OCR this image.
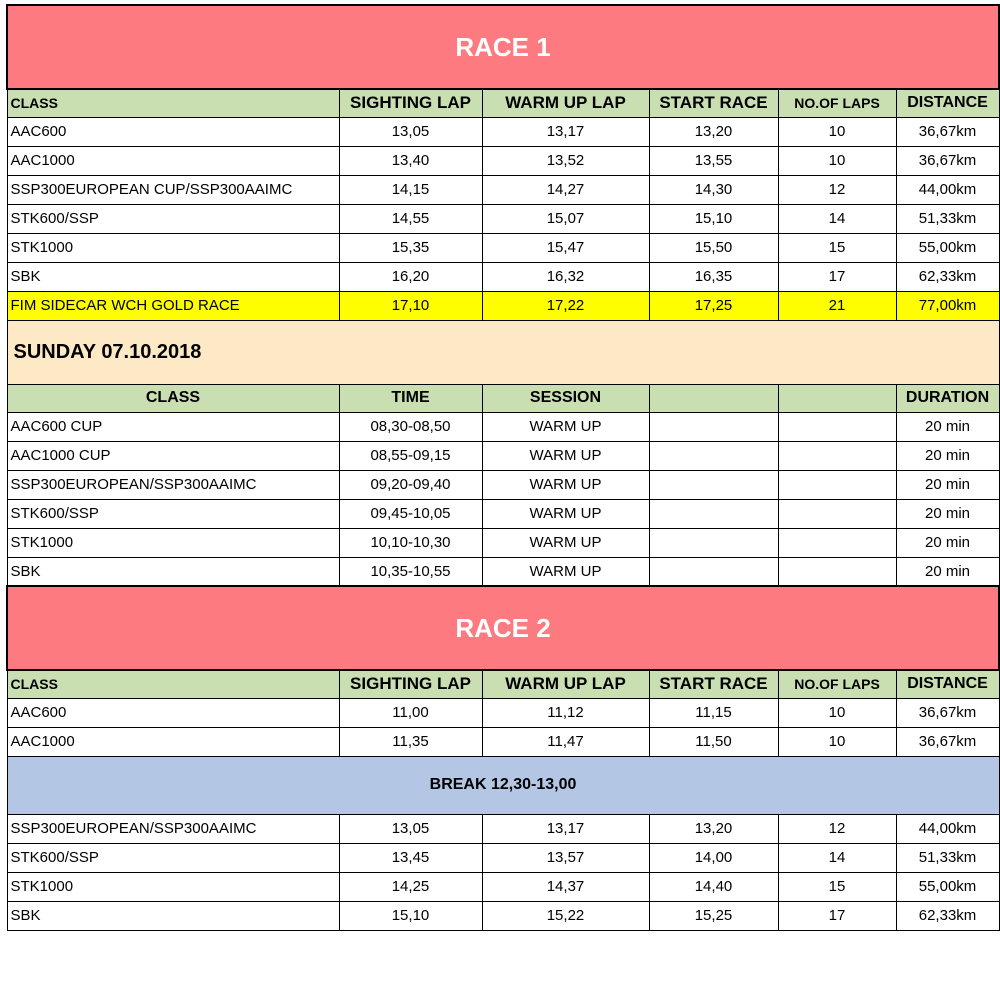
RACE 1					
CLASS	SIGHTING LAP	WARM UP LAP	START RACE	NO.OF LAPS	DISTANCE
AAC600	13,05	13,17	13,20	10	36,67km
AAC1000	13,40	13,52	13,55	10	36,67km
SSP300EUROPEAN CUP/SSP300AAIMC	14,15	14,27	14,30	12	44,00km
STK600/SSP	14,55	15,07	15,10	14	51,33km
STK1000	15,35	15,47	15,50	15	55,00km
SBK	16,20	16,32	16,35	17	62,33km
FIM SIDECAR WCH GOLD RACE	17,10	17,22	17,25	21	77,00km
SUNDAY 07.10.2018					
CLASS	TIME	SESSION			DURATION
AAC600 CUP	08,30-08,50	WARM UP			20 min
AAC1000 CUP	08,55-09,15	WARM UP			20 min
SSP300EUROPEAN/SSP300AAIMC	09,20-09,40	WARM UP			20 min
STK600/SSP	09,45-10,05	WARM UP			20 min
STK1000	10,10-10,30	WARM UP			20 min
SBK	10,35-10,55	WARM UP			20 min
RACE 2					
CLASS	SIGHTING LAP	WARM UP LAP	START RACE	NO.OF LAPS	DISTANCE
AAC600	11,00	11,12	11,15	10	36,67km
AAC1000	11,35	11,47	11,50	10	36,67km
BREAK 12,30-13,00					
SSP300EUROPEAN/SSP300AAIMC	13,05	13,17	13,20	12	44,00km
STK600/SSP	13,45	13,57	14,00	14	51,33km
STK1000	14,25	14,37	14,40	15	55,00km
SBK	15,10	15,22	15,25	17	62,33km
